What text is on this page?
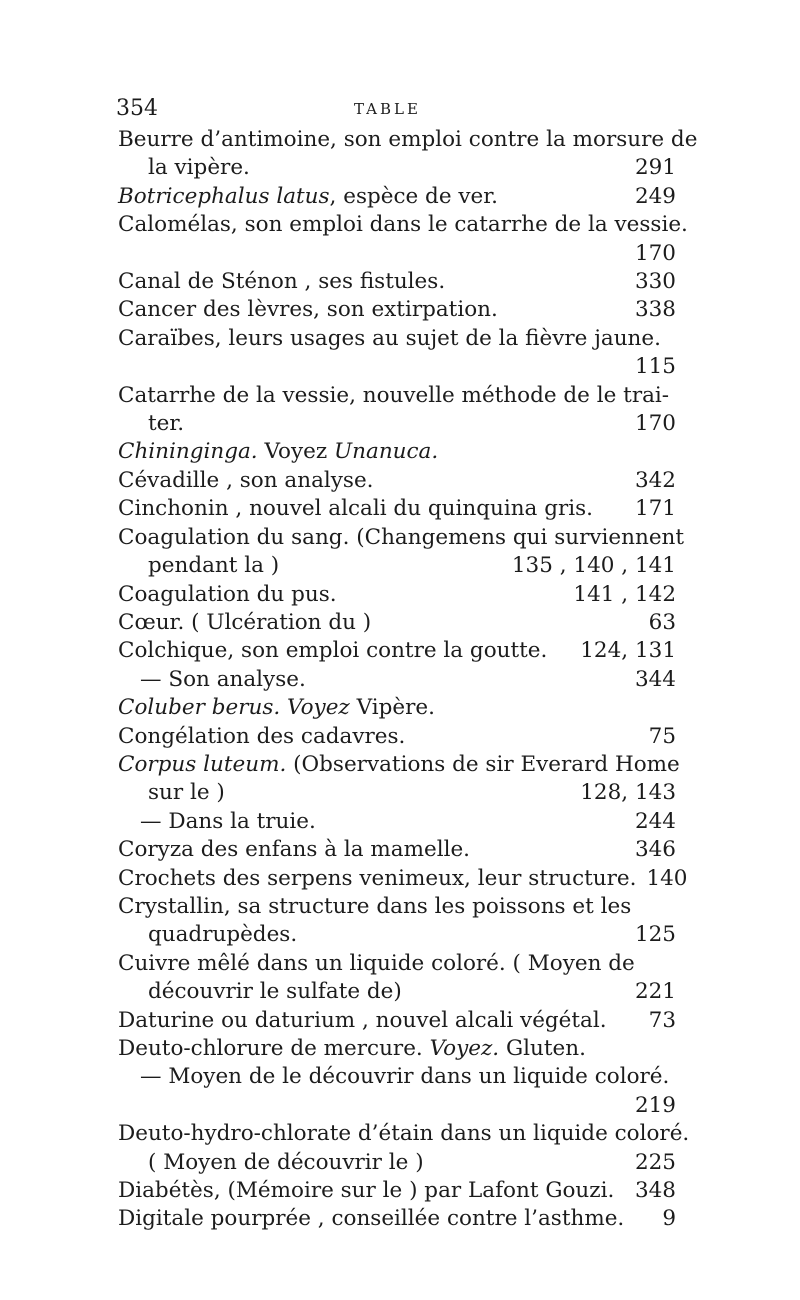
354	TABLE
Beurre d’antimoine, son emploi contre la morsure de
la vipère.	291
Botricephalus latus, espèce de ver.	249
Calomélas, son emploi dans le catarrhe de la vessie.
170
Canal de Sténon , ses fistules.	330
Cancer des lèvres, son extirpation.	338
Caraïbes, leurs usages au sujet de la fièvre jaune.
115
Catarrhe de la vessie, nouvelle méthode de le trai-
ter.	170
Chininginga. Voyez Unanuca.
Cévadille , son analyse.	342
Cinchonin , nouvel alcali du quinquina gris.	171
Coagulation du sang. (Changemens qui surviennent
pendant la )	135 , 140 , 141
Coagulation du pus.	141 , 142
Cœur. ( Ulcération du )	63
Colchique, son emploi contre la goutte.	124, 131
— Son analyse.	344
Coluber berus. Voyez Vipère.
Congélation des cadavres.	75
Corpus luteum. (Observations de sir Everard Home
sur le )	128, 143
— Dans la truie.	244
Coryza des enfans à la mamelle.	346
Crochets des serpens venimeux, leur structure. 140
Crystallin, sa structure dans les poissons et les
quadrupèdes.	125
Cuivre mêlé dans un liquide coloré. ( Moyen de
découvrir le sulfate de)	221
Daturine ou daturium , nouvel alcali végétal.	73
Deuto-chlorure de mercure. Voyez. Gluten.
— Moyen de le découvrir dans un liquide coloré.
219
Deuto-hydro-chlorate d’étain dans un liquide coloré.
( Moyen de découvrir le )	225
Diabétès, (Mémoire sur le ) par Lafont Gouzi. 348
Digitale pourprée , conseillée contre l’asthme.	9
